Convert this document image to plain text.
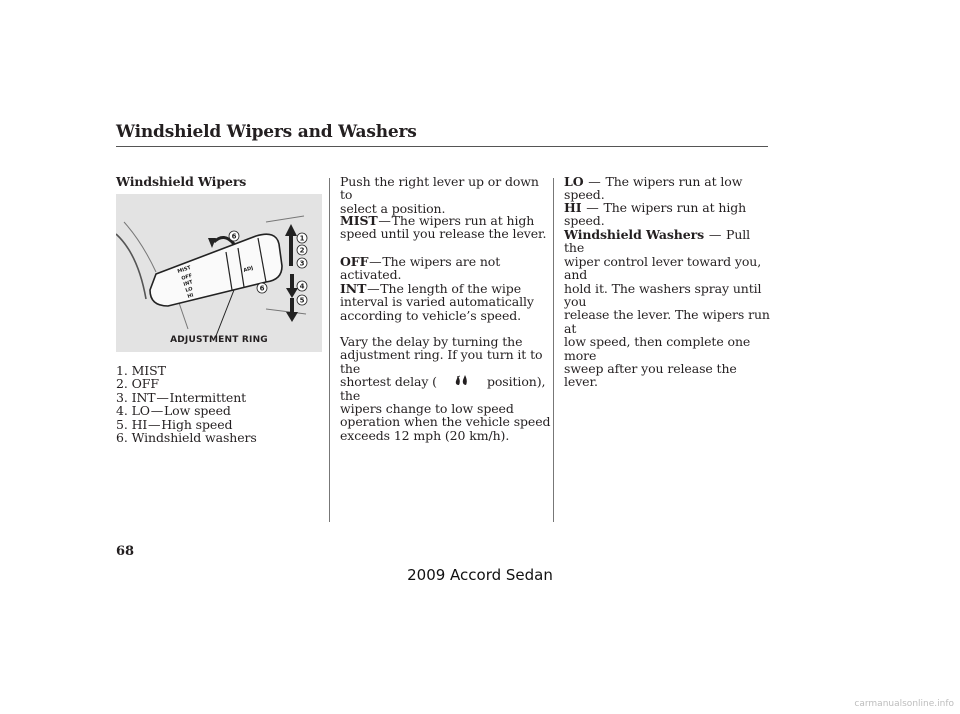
Windshield Wipers and Washers
Windshield Wipers
MIST
OFF
INT
LO
HI
ADJ
6	1
2
3
4
5
6
ADJUSTMENT RING

1. MIST

2. OFF

3. INT—Intermittent

4. LO—Low speed

5. HI—High speed

6. Windshield washers

Push the right lever up or down to

select a position.

MIST—The wipers run at high

speed until you release the lever.

OFF—The wipers are not activated.

INT—The length of the wipe

interval is varied automatically

according to vehicle’s speed.

Vary the delay by turning the

adjustment ring. If you turn it to the

shortest delay (	position), the

wipers change to low speed

operation when the vehicle speed

exceeds 12 mph (20 km/h).

LO — The wipers run at low speed.

HI — The wipers run at high speed.

Windshield Washers — Pull the

wiper control lever toward you, and

hold it. The washers spray until you

release the lever. The wipers run at

low speed, then complete one more

sweep after you release the lever.

68
2009 Accord Sedan
carmanualsonline.info
